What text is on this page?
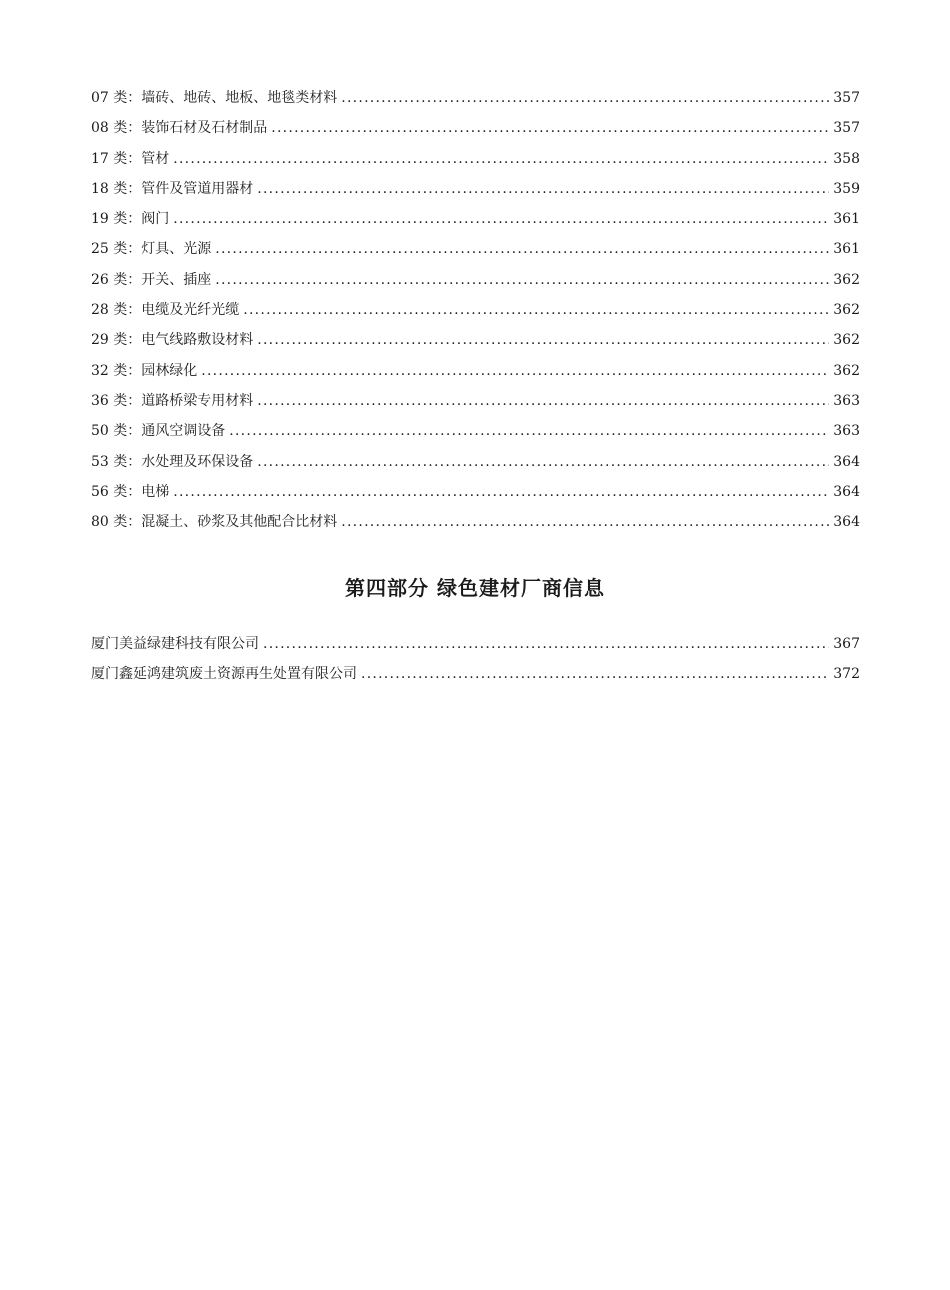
07 类：墙砖、地砖、地板、地毯类材料 . . .	357
08 类：装饰石材及石材制品 . . .	357
17 类：管材 . . .	358
18 类：管件及管道用器材 . . .	359
19 类：阀门 . . .	361
25 类：灯具、光源 . . .	361
26 类：开关、插座 . . .	362
28 类：电缆及光纤光缆 . . .	362
29 类：电气线路敷设材料 . . .	362
32 类：园林绿化 . . .	362
36 类：道路桥梁专用材料 . . .	363
50 类：通风空调设备 . . .	363
53 类：水处理及环保设备 . . .	364
56 类：电梯 . . .	364
80 类：混凝土、砂浆及其他配合比材料 . . .	364
第四部分 绿色建材厂商信息
厦门美益绿建科技有限公司 . . .	367
厦门鑫延鸿建筑废土资源再生处置有限公司 . . .	372
